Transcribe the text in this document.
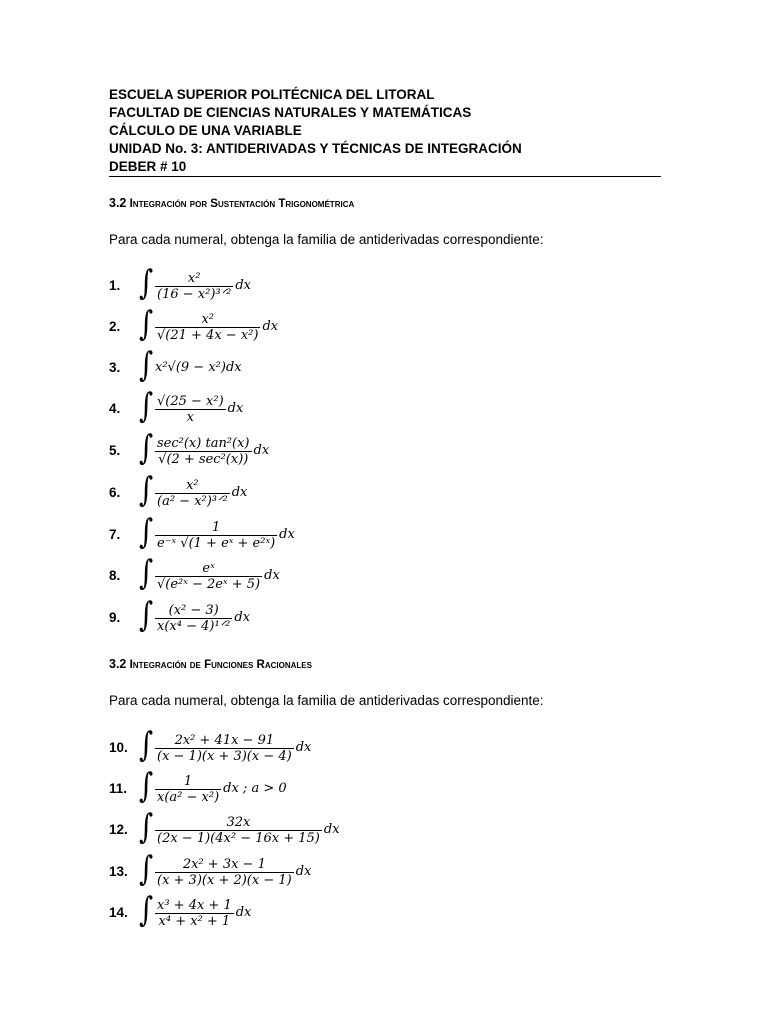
ESCUELA SUPERIOR POLITÉCNICA DEL LITORAL
FACULTAD DE CIENCIAS NATURALES Y MATEMÁTICAS
CÁLCULO DE UNA VARIABLE
UNIDAD No. 3: ANTIDERIVADAS Y TÉCNICAS DE INTEGRACIÓN
DEBER # 10
3.2 Integración por Sustentación Trigonométrica
Para cada numeral, obtenga la familia de antiderivadas correspondiente:
1. ∫	x²
(16 − x²)³ᐟ²
dx
2. ∫	x²
√(21 + 4x − x²)
dx
3. ∫ x²√(9 − x²)dx
4. ∫ √(25 − x²)
x
dx
5. ∫ sec²(x) tan²(x)
√(2 + sec²(x))
dx
6. ∫	x²
(a² − x²)³ᐟ²
dx
7. ∫	1
e⁻ˣ √(1 + eˣ + e²ˣ)
dx
8. ∫	eˣ
√(e²ˣ − 2eˣ + 5)
dx
9. ∫ (x² − 3)
x(x⁴ − 4)¹ᐟ²
dx
3.2 Integración de Funciones Racionales
Para cada numeral, obtenga la familia de antiderivadas correspondiente:
10. ∫ 2x² + 41x − 91
(x − 1)(x + 3)(x − 4)
dx
11. ∫ 1
x(a² − x²)
dx ; a > 0
12. ∫	32x
(2x − 1)(4x² − 16x + 15)
dx
13. ∫ 2x² + 3x − 1
(x + 3)(x + 2)(x − 1)
dx
14. ∫ x³ + 4x + 1
x⁴ + x² + 1
dx
